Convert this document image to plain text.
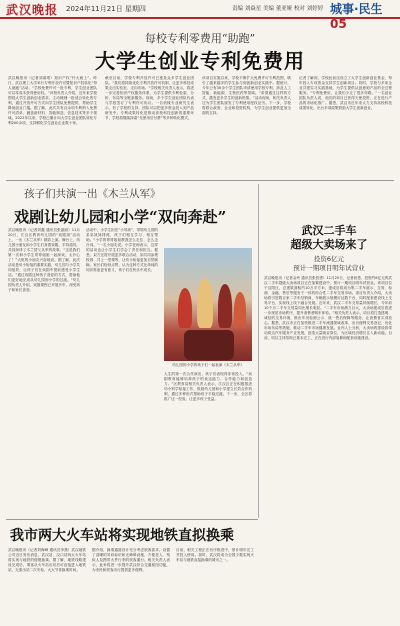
武汉晚报 2024年11月21日 星期四	责编 刘焱星 美编 董亚娅 校对 刘婷婷 城事·民生 05
每校专利零费用“助跑”
大学生创业专利免费用
武汉晚报讯（记者刘睿珺）知识产权“拎大就上”。昨日，武汉理工大学举行专利开放许可暨知识产权转化“每人助跑”活动。“学校免费许可一批专利，学生创业团队可以零成本获得使用权。”该校负责人介绍，近年来学校围绕大学生创新创业需求，主动梳理一批适合转化的专利，通过开放许可方式向学生团队免费提供，帮助学生降低创业门槛。据了解，此次共有百余项专利纳入免费许可清单，涵盖新材料、智能制造、信息技术等多个领域。2022年以来，学校已累计向大学生创业团队转化专利200余项，支持孵化学生创业企业数十家。
截至目前，学校专利开放许可已惠及众多学生创业团队。“我们将持续优化专利开放许可机制，让更多科技成果走出实验室、走向市场。“学校相关负责人表示，将进一步完善知识产权服务体系，为学生提供专利检索、分析、布局等全链条服务。现场，多个学生创业团队代表与学校签订了专利许可协议。一名机械专业研究生表示，有了学校的支持，团队可以把更多资金投入到产品研发中。专利成果转化是推动高校科技创新的重要环节，学校将继续探索“先使用后付费”等多种转化模式。
该项目实施以来，学校不断扩大免费许可专利范围，吸引了越来越多的学生参与到创新创业实践中。据统计，今年已有30余个学生团队申请使用学校专利，涉及人工智能、新能源、生物医药等领域。“希望通过这样的方式，激发更多学生的创新热情。”活动现场，相关负责人还为学生团队颁发了专利使用授权证书。下一步，学校将联合政府、企业和投资机构，为学生创业提供更加全面的支持。
记者了解到，学校此前还设立了大学生创新创业基金，每年投入专项资金支持学生创新项目。同时，学校与多家企业共建实习实践基地，为学生提供从创意到产品的全过程服务。“专利免费用，让我们少走了很多弯路。”一名创业团队负责人说，他们的项目已获得天使投资，正在进行产品的市场化推广。据悉，武汉市近年来大力支持高校科技成果转化，出台多项政策鼓励大学生创新创业。
孩子们共演一出《木兰从军》
戏剧让幼儿园和小学“双向奔赴”
武汉晚报讯（记者刘鑫 通讯员张嘉丽）11月20日，江汉区教育幼儿园的“戏剧周”活动上，一出《木兰从军》精彩上演。舞台上，幼儿园小朋友和小学生们身着戏服、手持道具，共同演绎了木兰替父从军的故事。“这是我们第一次和小学生哥哥姐姐一起演戏，太开心了！”大班的小朋友兴奋地说。据了解，此次活动是幼小衔接的重要实践，幼儿园与小学共同组织，让孩子们在戏剧中提前感受小学生活。“通过戏剧这种孩子喜爱的方式，帮助他们更好地完成从幼儿园到小学的过渡。”幼儿园负责人介绍，戏剧课程已开展多年，深受孩子和家长喜爱。
活动中，小学生担任“小导演”，带领幼儿园的弟弟妹妹排练，孩子们相互学习、相互帮助。“小学的哥哥姐姐教我怎么走位、怎么念台词。”一名小朋友说。小学老师表示，这样的活动也让小学生们学会了责任和担当。据悉，双方还将开展更多联合活动，如共同参观校园、共上一堂课等，让幼小衔接更加自然顺畅。家长们纷纷点赞，认为这种方式比单纯的知识准备更有意义，孩子们在快乐中成长。
幼儿园的小学的孩子们一起表演《木兰从军》
人生的第一次合作演出，孩子们表现得非常投入。“戏剧教育能够培养孩子的表达能力、合作能力和创造力。”区教育局相关负责人表示，江汉区正在积极推进幼小科学衔接工作，鼓励幼儿园和小学建立长效合作机制，通过多种形式帮助孩子平稳过渡。下一步，全区将推广这一经验，让更多孩子受益。
武汉二手车
超级大卖场来了
投资6亿元
预计一期项目明年试营业
武汉晚报讯（记者金玲 通讯员张贺勇）11月20日，记者获悉，投资约6亿元的武汉二手车超级大卖场项目正在加紧建设中，预计一期项目明年试营业。该项目位于汉阳区，总建筑面积约10万平方米，建成后将成为集二手车展示、交易、检测、金融、售后等服务于一体的综合性二手车交易市场。项目负责人介绍，大卖场将引进数百家二手车经销商，车辆展示规模可达数千台，同时配套建设线上交易平台，实现线上线下融合发展。近年来，武汉二手车交易量持续增长，今年前10个月二手车交易量同比增长明显。“二手车市场潜力巨大，大卖场建成后将进一步规范市场秩序，提升消费者购车体验。”相关负责人表示，项目将打造透明、诚信的交易环境，推出车况检测公示、统一售后保障等服务，让消费者买得放心。据悉，武汉市正在加快推进二手车流通领域改革，出台便利交易登记、优化市场布局等措施，推动二手车市场健康发展。业内人士分析，大卖场的建设将带动周边汽车服务产业发展，创造大量就业岗位，为区域经济增长注入新动能。目前，项目主体结构已基本完工，正在进行内部装修和配套设施建设。
我市两大火车站将实现地铁直拟换乘
武汉晚报讯（记者刘海峰 通讯员李燕）武汉地铁公司近日发布消息，武汉站、汉口站两大火车站将实现与地铁的便捷换乘。据了解，地铁线路建设完成后，乘客从火车站出站后可直接进入地铁站，无需出站二次安检，大大节省换乘时间。
据介绍，换乘通道设计充分考虑旅客需求，设置了清晰的导向标识和无障碍设施，方便老人、残疾人及携带大件行李的旅客通行。相关负责人表示，此举将进一步提升武汉综合交通枢纽功能，为市民和旅客出行提供更多便利。
目前，相关工程正在有序推进中，预计明年完工并投入使用。届时，武汉将成为全国少数实现火车站与地铁直接换乘的城市之一。
